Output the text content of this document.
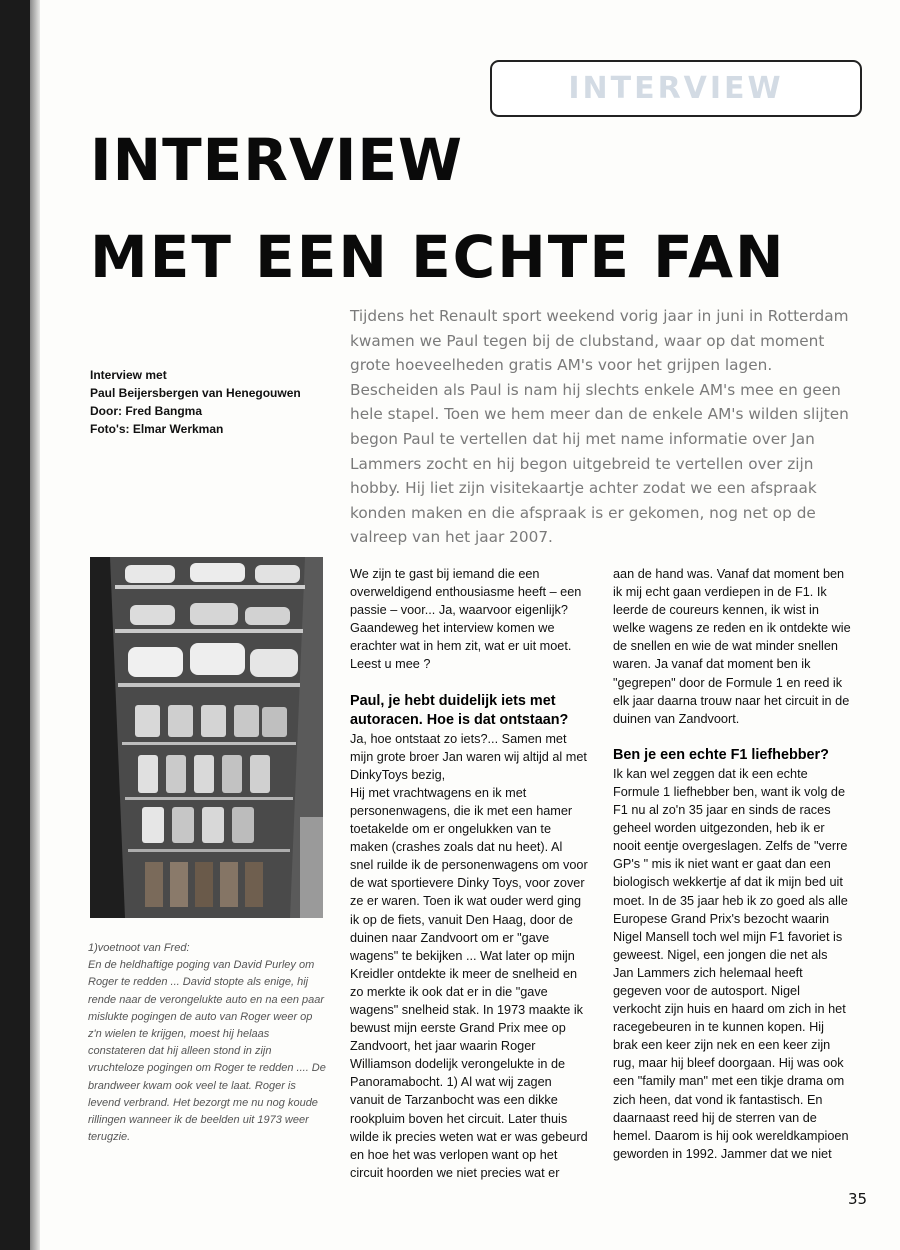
INTERVIEW
INTERVIEW
MET EEN ECHTE FAN
Interview met
Paul Beijersbergen van Henegouwen
Door: Fred Bangma
Foto's: Elmar Werkman

Tijdens het Renault sport weekend vorig jaar in juni in Rotterdam kwamen we Paul tegen bij de clubstand, waar op dat moment grote hoeveelheden gratis AM's voor het grijpen lagen. Bescheiden als Paul is nam hij slechts enkele AM's mee en geen hele stapel. Toen we hem meer dan de enkele AM's wilden slijten begon Paul te vertellen dat hij met name informatie over Jan Lammers zocht en hij begon uitgebreid te vertellen over zijn hobby. Hij liet zijn visitekaartje achter zodat we een afspraak konden maken en die afspraak is er gekomen, nog net op de valreep van het jaar 2007.

1)voetnoot van Fred:
En de heldhaftige poging van David Purley om Roger te redden ... David stopte als enige, hij rende naar de verongelukte auto en na een paar mislukte pogingen de auto van Roger weer op z'n wielen te krijgen, moest hij helaas constateren dat hij alleen stond in zijn vruchteloze pogingen om Roger te redden .... De brandweer kwam ook veel te laat. Roger is levend verbrand. Het bezorgt me nu nog koude rillingen wanneer ik de beelden uit 1973 weer terugzie.

We zijn te gast bij iemand die een overweldigend enthousiasme heeft – een passie – voor... Ja, waarvoor eigenlijk? Gaandeweg het interview komen we erachter wat in hem zit, wat er uit moet. Leest u mee ?

Paul, je hebt duidelijk iets met autoracen. Hoe is dat ontstaan?

Ja, hoe ontstaat zo iets?... Samen met mijn grote broer Jan waren wij altijd al met DinkyToys bezig,

Hij met vrachtwagens en ik met personenwagens, die ik met een hamer toetakelde om er ongelukken van te maken (crashes zoals dat nu heet). Al snel ruilde ik de personenwagens om voor de wat sportievere Dinky Toys, voor zover ze er waren. Toen ik wat ouder werd ging ik op de fiets, vanuit Den Haag, door de duinen naar Zandvoort om er "gave wagens" te bekijken ... Wat later op mijn Kreidler ontdekte ik meer de snelheid en zo merkte ik ook dat er in die "gave wagens" snelheid stak. In 1973 maakte ik bewust mijn eerste Grand Prix mee op Zandvoort, het jaar waarin Roger Williamson dodelijk verongelukte in de Panoramabocht. 1) Al wat wij zagen vanuit de Tarzanbocht was een dikke rookpluim boven het circuit. Later thuis wilde ik precies weten wat er was gebeurd en hoe het was verlopen want op het circuit hoorden we niet precies wat er

aan de hand was. Vanaf dat moment ben ik mij echt gaan verdiepen in de F1. Ik leerde de coureurs kennen, ik wist in welke wagens ze reden en ik ontdekte wie de snellen en wie de wat minder snellen waren. Ja vanaf dat moment ben ik "gegrepen" door de Formule 1 en reed ik elk jaar daarna trouw naar het circuit in de duinen van Zandvoort.

Ben je een echte F1 liefhebber?

Ik kan wel zeggen dat ik een echte Formule 1 liefhebber ben, want ik volg de F1 nu al zo'n 35 jaar en sinds de races geheel worden uitgezonden, heb ik er nooit eentje overgeslagen. Zelfs de "verre GP's " mis ik niet want er gaat dan een biologisch wekkertje af dat ik mijn bed uit moet. In de 35 jaar heb ik zo goed als alle Europese Grand Prix's bezocht waarin Nigel Mansell toch wel mijn F1 favoriet is geweest. Nigel, een jongen die net als Jan Lammers zich helemaal heeft gegeven voor de autosport. Nigel verkocht zijn huis en haard om zich in het racegebeuren in te kunnen kopen. Hij brak een keer zijn nek en een keer zijn rug, maar hij bleef doorgaan. Hij was ook een "family man" met een tikje drama om zich heen, dat vond ik fantastisch. En daarnaast reed hij de sterren van de hemel. Daarom is hij ook wereldkampioen geworden in 1992. Jammer dat we niet

35
